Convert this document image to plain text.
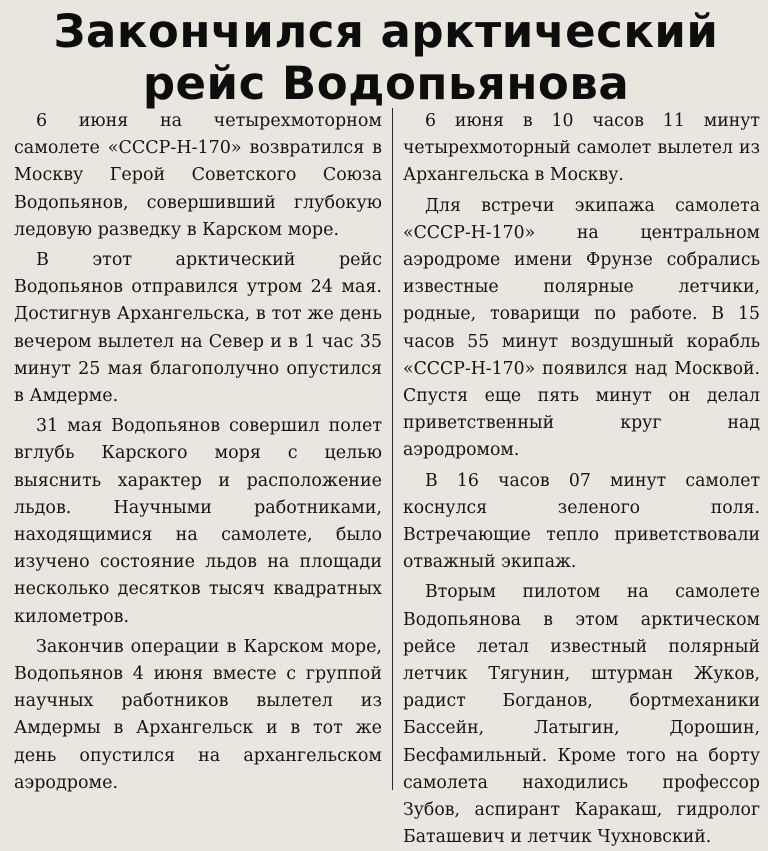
Закончился арктический рейс Водопьянова

6 июня на четырехмоторном самолете «СССР-Н-170» возвратился в Москву Герой Советского Союза Водопьянов, совершивший глубокую ледовую разведку в Карском море.

В этот арктический рейс Водопьянов отправился утром 24 мая. Достигнув Архангельска, в тот же день вечером вылетел на Север и в 1 час 35 минут 25 мая благополучно опустился в Амдерме.

31 мая Водопьянов совершил полет вглубь Карского моря с целью выяснить характер и расположение льдов. Научными работниками, находящимися на самолете, было изучено состояние льдов на площади несколько десятков тысяч квадратных километров.

Закончив операции в Карском море, Водопьянов 4 июня вместе с группой научных работников вылетел из Амдермы в Архангельск и в тот же день опустился на архангельском аэродроме.

6 июня в 10 часов 11 минут четырехмоторный самолет вылетел из Архангельска в Москву.

Для встречи экипажа самолета «СССР-Н-170» на центральном аэродроме имени Фрунзе собрались известные полярные летчики, родные, товарищи по работе. В 15 часов 55 минут воздушный корабль «СССР-Н-170» появился над Москвой. Спустя еще пять минут он делал приветственный круг над аэродромом.

В 16 часов 07 минут самолет коснулся зеленого поля. Встречающие тепло приветствовали отважный экипаж.

Вторым пилотом на самолете Водопьянова в этом арктическом рейсе летал известный полярный летчик Тягунин, штурман Жуков, радист Богданов, бортмеханики Бассейн, Латыгин, Дорошин, Бесфамильный. Кроме того на борту самолета находились профессор Зубов, аспирант Каракаш, гидролог Баташевич и летчик Чухновский.
